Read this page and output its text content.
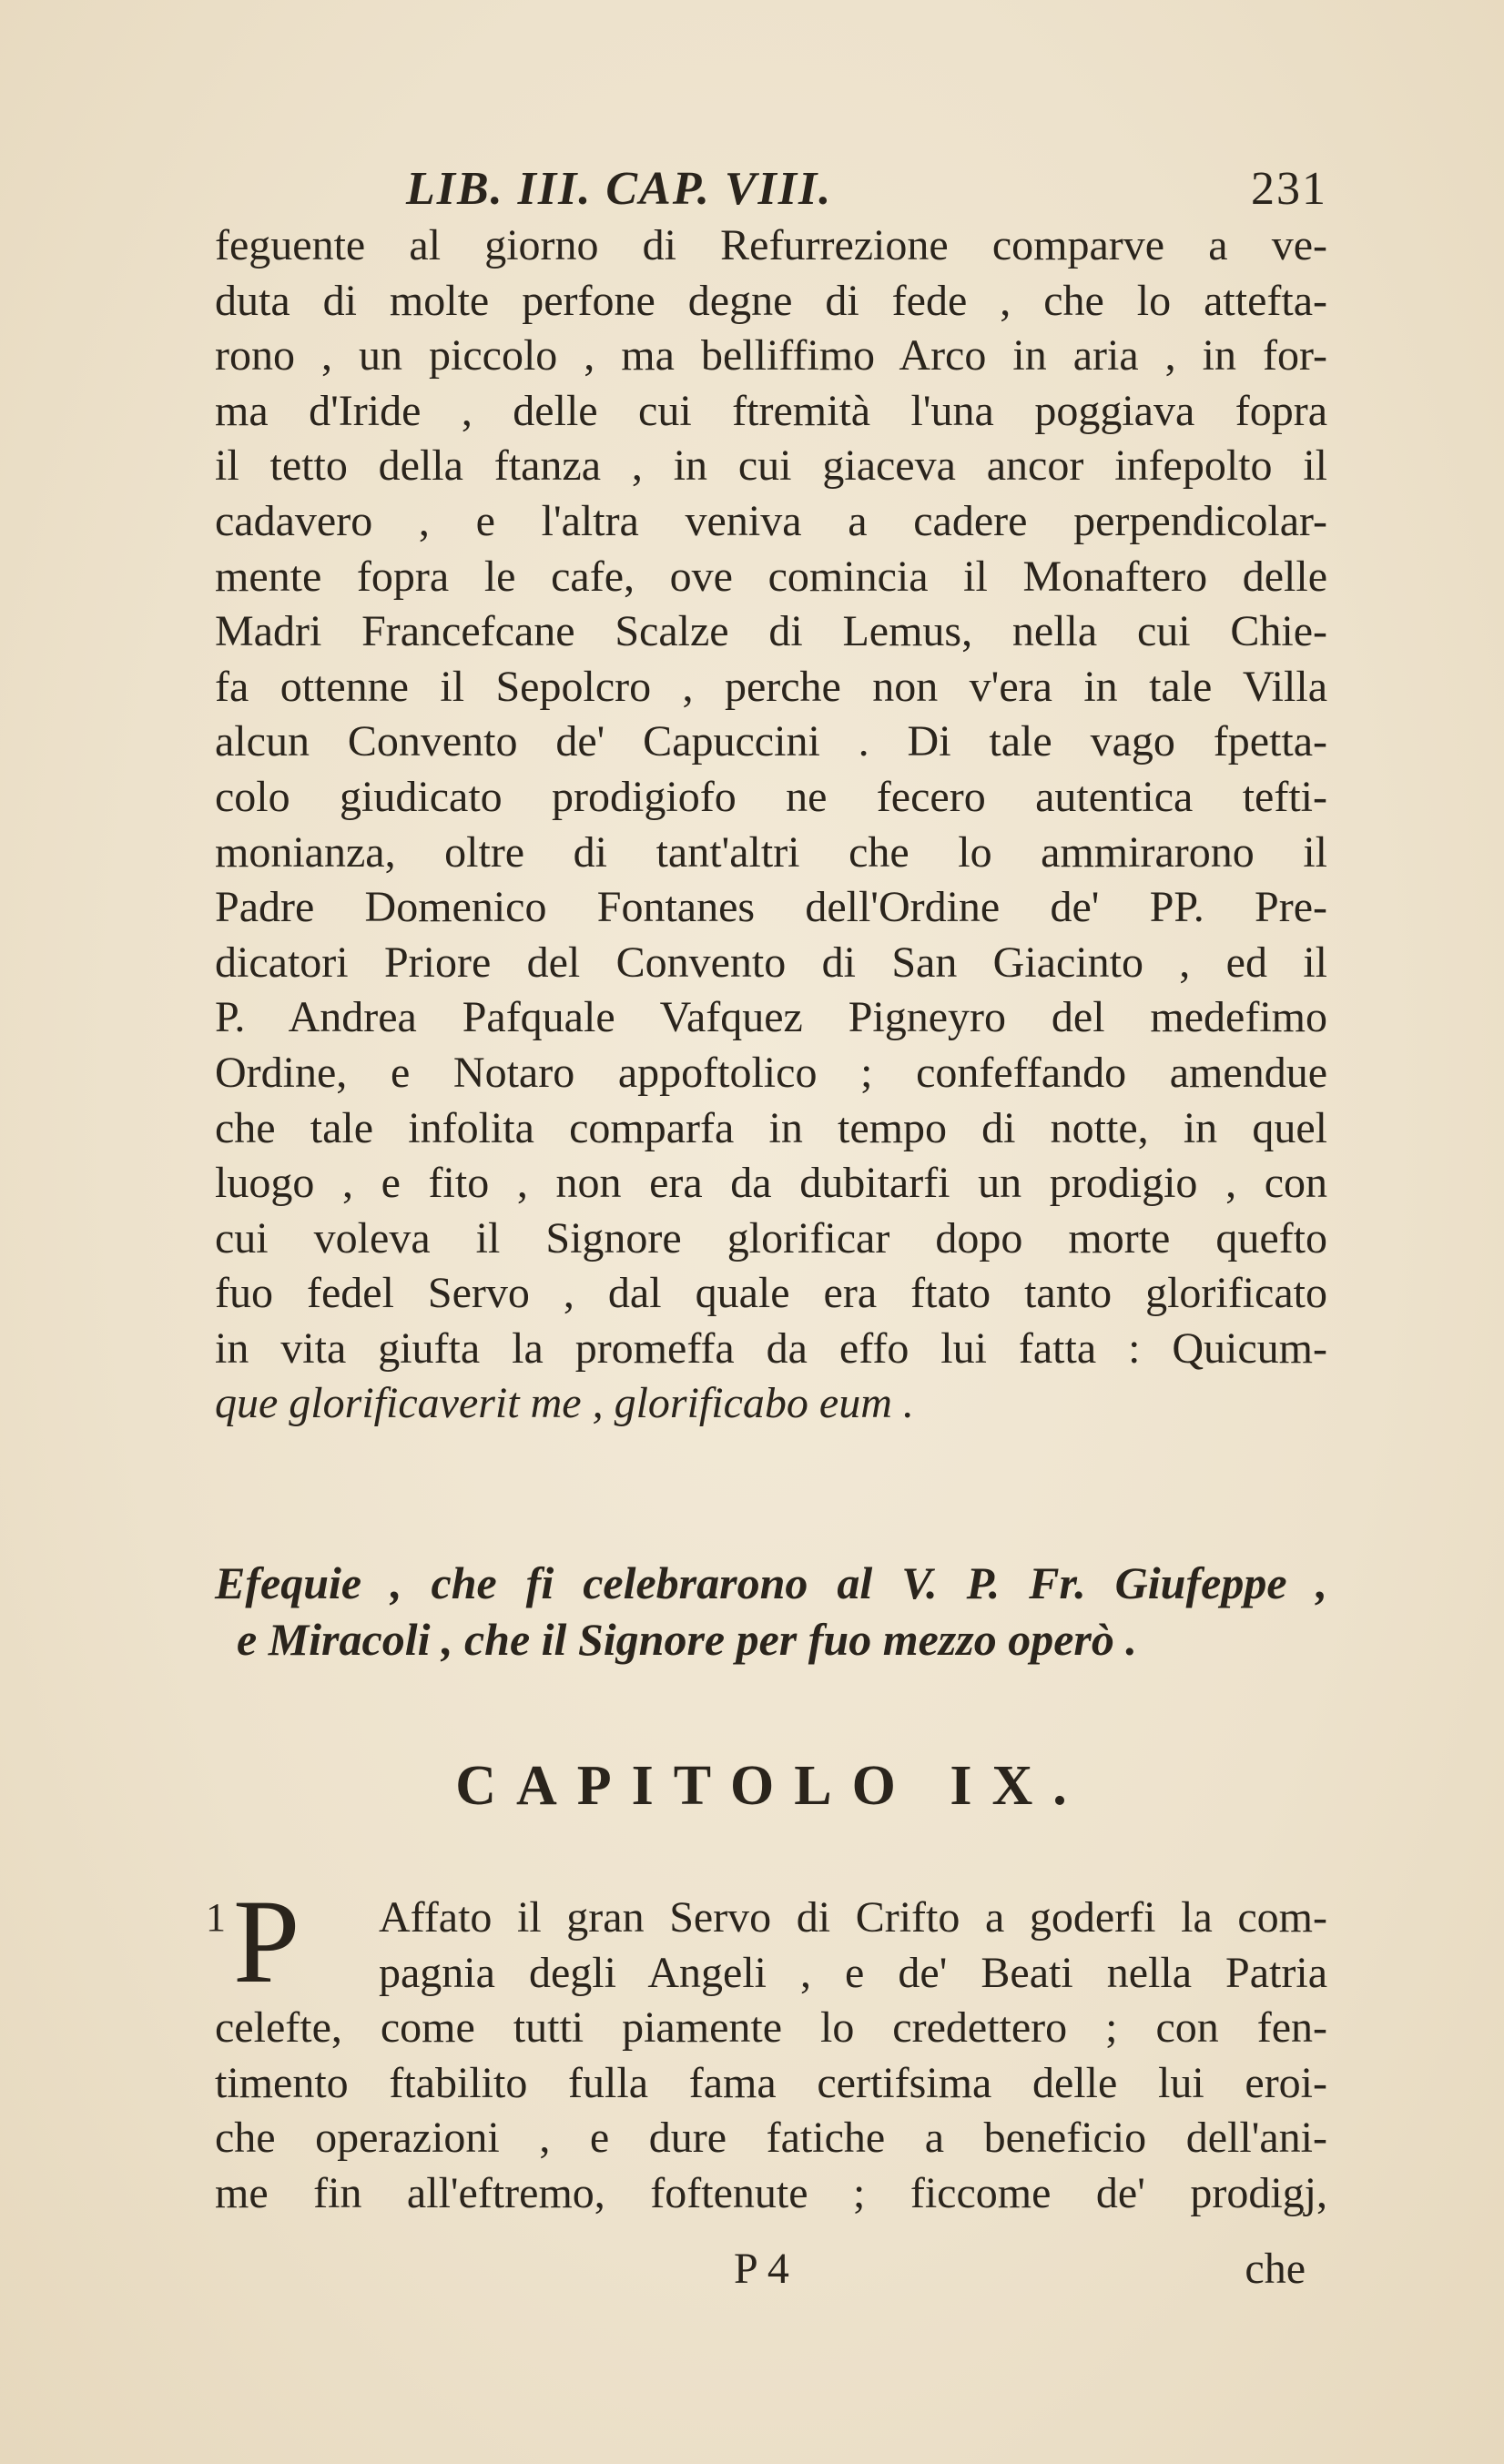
LIB. III. CAP. VIII.	231
feguente al giorno di Refurrezione comparve a ve-
duta di molte perfone degne di fede , che lo attefta-
rono , un piccolo , ma belliffimo Arco in aria , in for-
ma d'Iride , delle cui ftremità l'una poggiava fopra
il tetto della ftanza , in cui giaceva ancor infepolto il
cadavero , e l'altra veniva a cadere perpendicolar-
mente fopra le cafe, ove comincia il Monaftero delle
Madri Francefcane Scalze di Lemus, nella cui Chie-
fa ottenne il Sepolcro , perche non v'era in tale Villa
alcun Convento de' Capuccini . Di tale vago fpetta-
colo giudicato prodigiofo ne fecero autentica tefti-
monianza, oltre di tant'altri che lo ammirarono il
Padre Domenico Fontanes dell'Ordine de' PP. Pre-
dicatori Priore del Convento di San Giacinto , ed il
P. Andrea Pafquale Vafquez Pigneyro del medefimo
Ordine, e Notaro appoftolico ; confeffando amendue
che tale infolita comparfa in tempo di notte, in quel
luogo , e fito , non era da dubitarfi un prodigio , con
cui voleva il Signore glorificar dopo morte quefto
fuo fedel Servo , dal quale era ftato tanto glorificato
in vita giufta la promeffa da effo lui fatta : Quicum-
que glorificaverit me , glorificabo eum .
Efequie , che fi celebrarono al V. P. Fr. Giufeppe ,
e Miracoli , che il Signore per fuo mezzo operò .
CAPITOLO IX.
1 P	Affato il gran Servo di Crifto a goderfi la com-
pagnia degli Angeli , e de' Beati nella Patria
celefte, come tutti piamente lo credettero ; con fen-
timento ftabilito fulla fama certifsima delle lui eroi-
che operazioni , e dure fatiche a beneficio dell'ani-
me fin all'eftremo, foftenute ; ficcome de' prodigj,
P 4	che
